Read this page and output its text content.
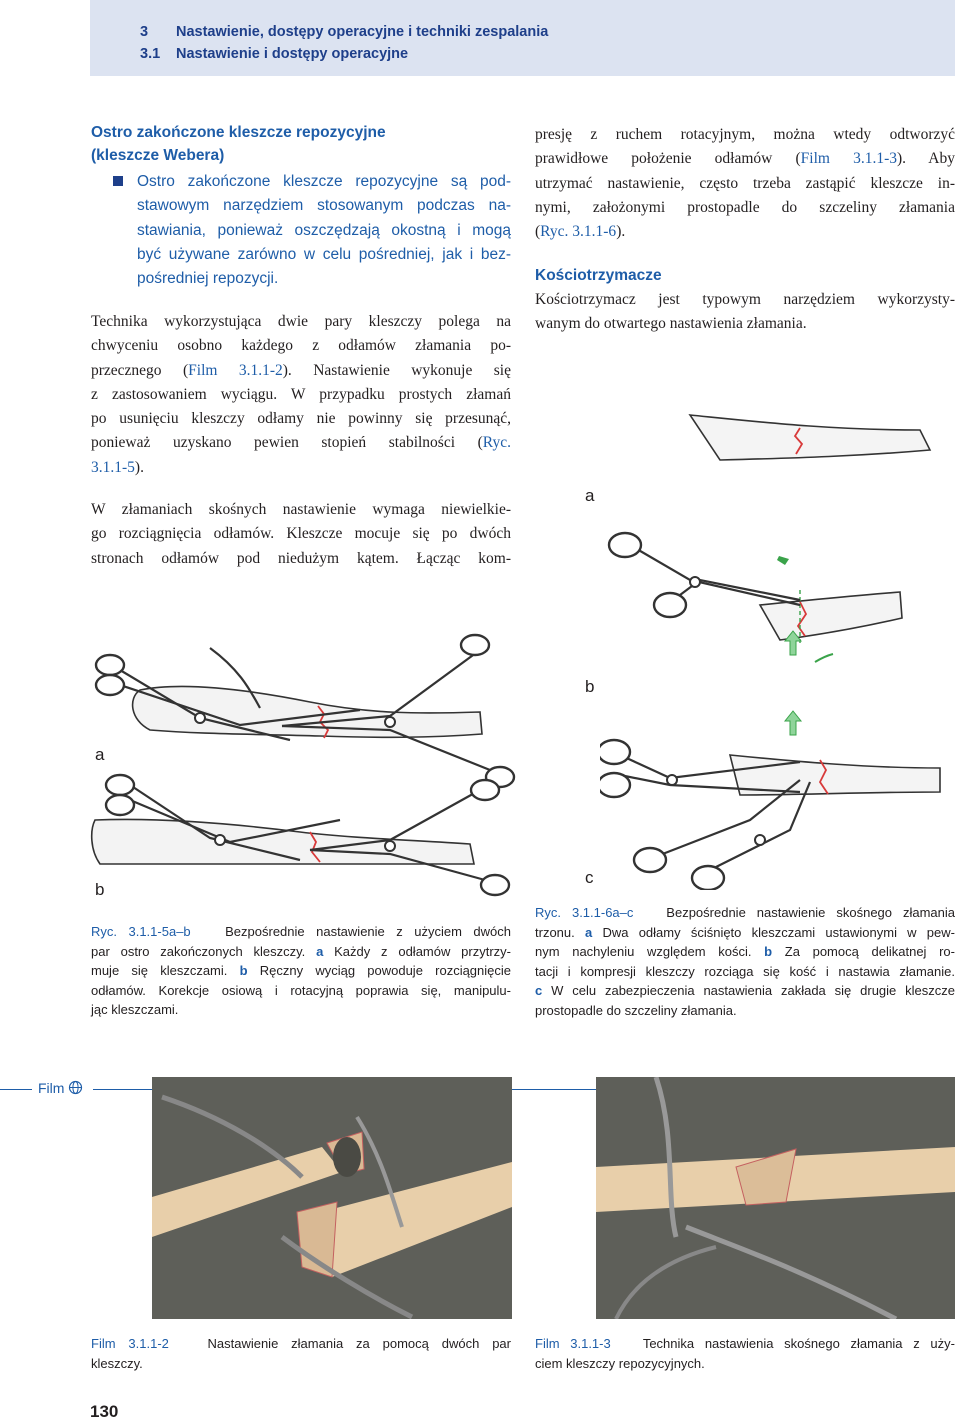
3 Nastawienie, dostępy operacyjne i techniki zespalania
3.1 Nastawienie i dostępy operacyjne
Ostro zakończone kleszcze repozycyjne
(kleszcze Webera)
Ostro zakończone kleszcze repozycyjne są pod-
stawowym narzędziem stosowanym podczas na-
stawiania, ponieważ oszczędzają okostną i mogą
być używane zarówno w celu pośredniej, jak i bez-
pośredniej repozycji.
Technika wykorzystująca dwie pary kleszczy polega na
chwyceniu osobno każdego z odłamów złamania po-
przecznego (Film 3.1.1-2). Nastawienie wykonuje się
z zastosowaniem wyciągu. W przypadku prostych złamań
po usunięciu kleszczy odłamy nie powinny się przesunąć,
ponieważ uzyskano pewien stopień stabilności (Ryc.
3.1.1-5).
W złamaniach skośnych nastawienie wymaga niewielkie-
go rozciągnięcia odłamów. Kleszcze mocuje się po dwóch
stronach odłamów pod niedużym kątem. Łącząc kom-
presję z ruchem rotacyjnym, można wtedy odtworzyć
prawidłowe położenie odłamów (Film 3.1.1-3). Aby
utrzymać nastawienie, często trzeba zastąpić kleszcze in-
nymi, założonymi prostopadle do szczeliny złamania
(Ryc. 3.1.1-6).
Kościotrzymacze
Kościotrzymacz jest typowym narzędziem wykorzysty-
wanym do otwartego nastawienia złamania.
a
b
Ryc. 3.1.1-5a–b	Bezpośrednie nastawienie z użyciem dwóch
par ostro zakończonych kleszczy. a Każdy z odłamów przytrzy-
muje się kleszczami. b Ręczny wyciąg powoduje rozciągnięcie
odłamów. Korekcje osiową i rotacyjną poprawia się, manipulu-
jąc kleszczami.
a
b
c
Ryc. 3.1.1-6a–c	Bezpośrednie nastawienie skośnego złamania
trzonu. a Dwa odłamy ściśnięto kleszczami ustawionymi w pew-
nym nachyleniu względem kości. b Za pomocą delikatnej ro-
tacji i kompresji kleszczy rozciąga się kość i nastawia złamanie.
c W celu zabezpieczenia nastawienia zakłada się drugie kleszcze
prostopadle do szczeliny złamania.
Film
Film 3.1.1-2	Nastawienie złamania za pomocą dwóch par
kleszczy.
Film 3.1.1-3 Technika nastawienia skośnego złamania z uży-
ciem kleszczy repozycyjnych.
130
